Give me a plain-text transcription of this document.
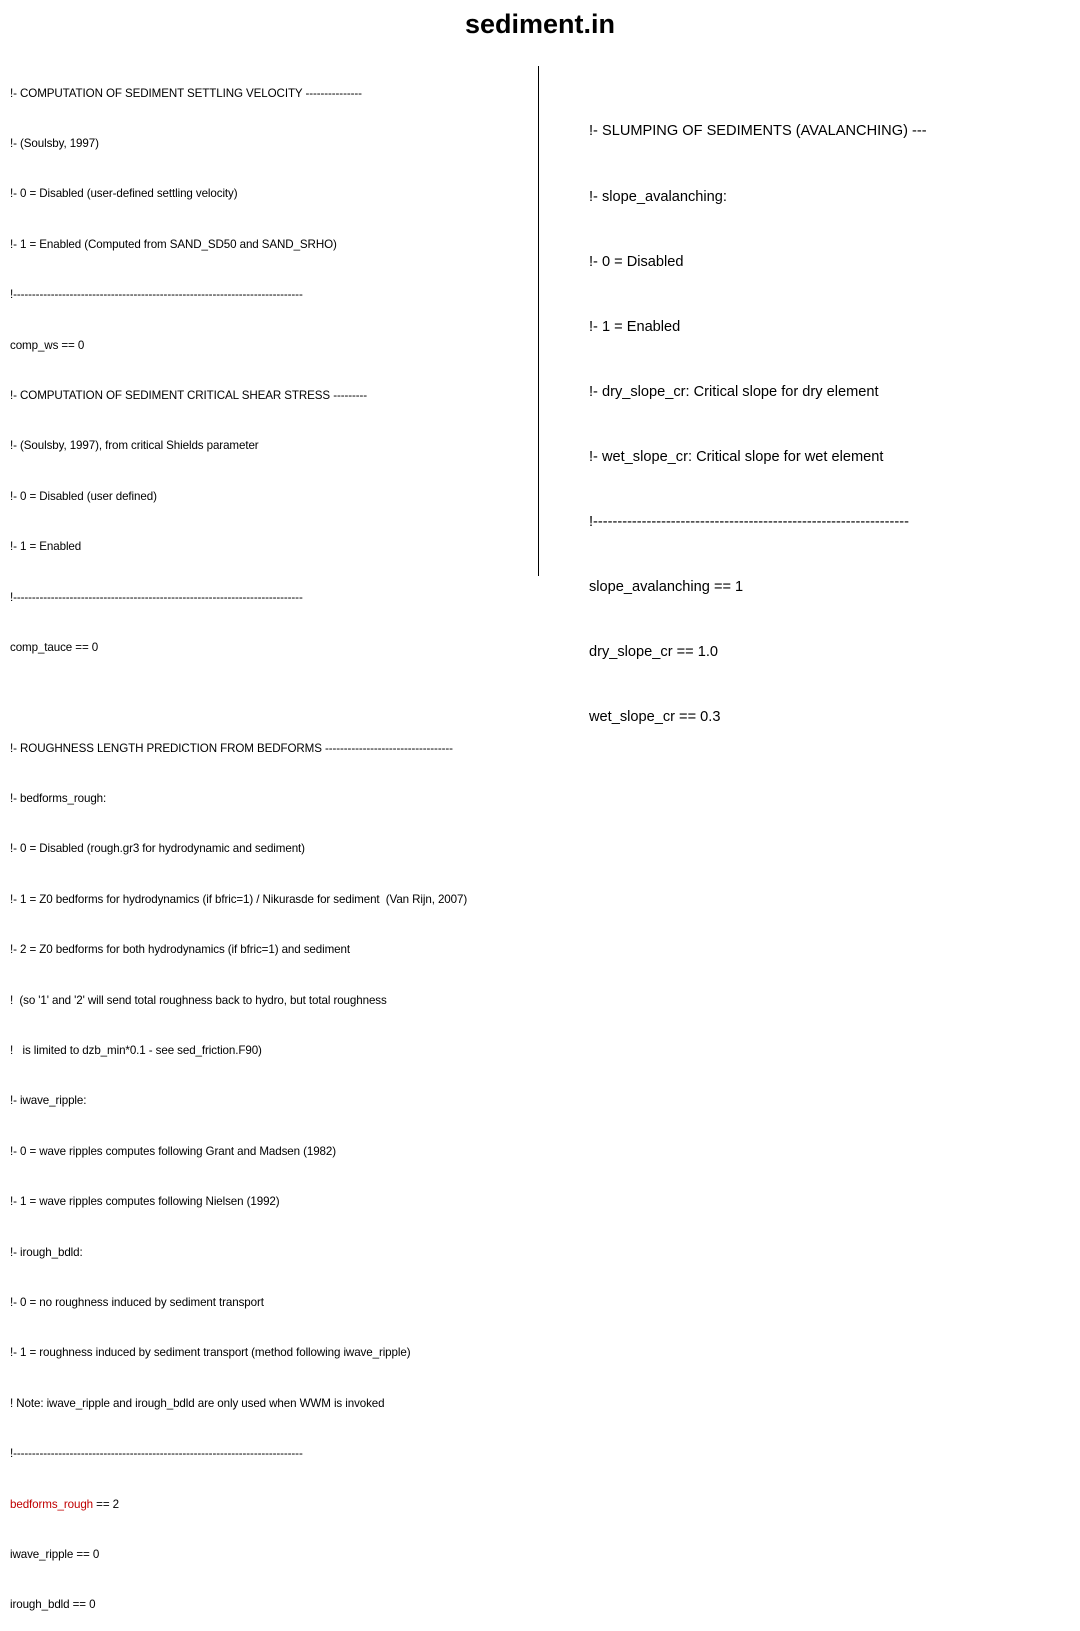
sediment.in

!- COMPUTATION OF SEDIMENT SETTLING VELOCITY ---------------

!- (Soulsby, 1997)

!- 0 = Disabled (user-defined settling velocity)

!- 1 = Enabled (Computed from SAND_SD50 and SAND_SRHO)

!-----------------------------------------------------------------------------

comp_ws == 0

!- COMPUTATION OF SEDIMENT CRITICAL SHEAR STRESS ---------

!- (Soulsby, 1997), from critical Shields parameter

!- 0 = Disabled (user defined)

!- 1 = Enabled

!-----------------------------------------------------------------------------

comp_tauce == 0

!- ROUGHNESS LENGTH PREDICTION FROM BEDFORMS ----------------------------------

!- bedforms_rough:

!- 0 = Disabled (rough.gr3 for hydrodynamic and sediment)

!- 1 = Z0 bedforms for hydrodynamics (if bfric=1) / Nikurasde for sediment  (Van Rijn, 2007)

!- 2 = Z0 bedforms for both hydrodynamics (if bfric=1) and sediment

!  (so '1' and '2' will send total roughness back to hydro, but total roughness

!   is limited to dzb_min*0.1 - see sed_friction.F90)

!- iwave_ripple:

!- 0 = wave ripples computes following Grant and Madsen (1982)

!- 1 = wave ripples computes following Nielsen (1992)

!- irough_bdld:

!- 0 = no roughness induced by sediment transport

!- 1 = roughness induced by sediment transport (method following iwave_ripple)

! Note: iwave_ripple and irough_bdld are only used when WWM is invoked

!-----------------------------------------------------------------------------

bedforms_rough == 2

iwave_ripple == 0

irough_bdld == 0

!- SLUMPING OF SEDIMENTS (AVALANCHING) ---

!- slope_avalanching:

!- 0 = Disabled

!- 1 = Enabled

!- dry_slope_cr: Critical slope for dry element

!- wet_slope_cr: Critical slope for wet element

!-----------------------------------------------------------------

slope_avalanching == 1

dry_slope_cr == 1.0

wet_slope_cr == 0.3
